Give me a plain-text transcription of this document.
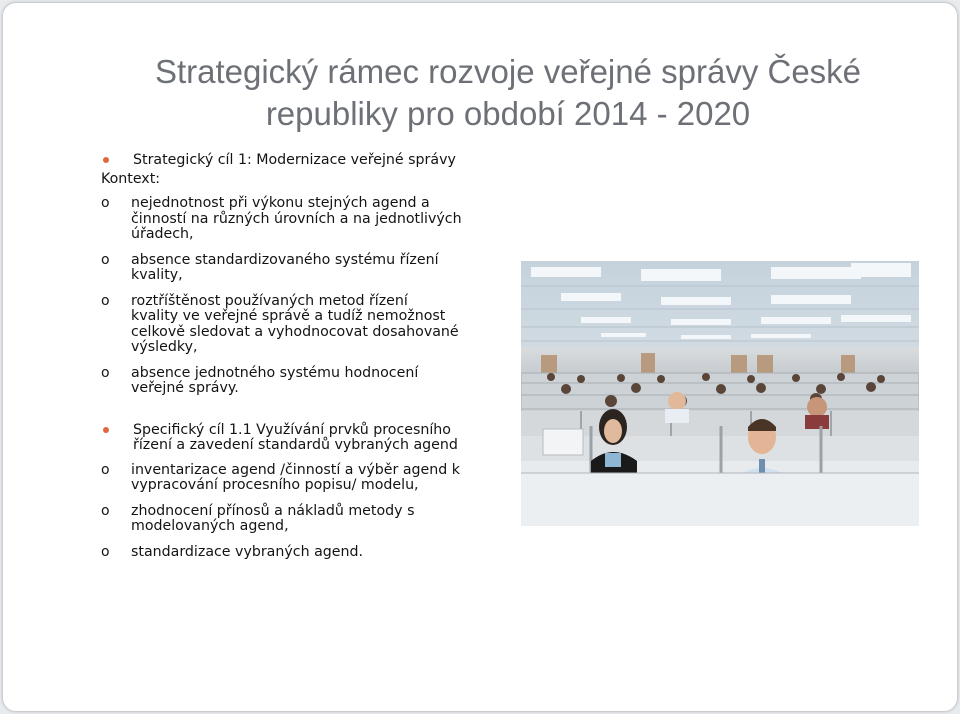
Strategický rámec rozvoje veřejné správy České
republiky pro období 2014 - 2020
Strategický cíl 1: Modernizace veřejné správy
Kontext:
o nejednotnost při výkonu stejných agend a
činností na různých úrovních a na jednotlivých
úřadech,
o absence standardizovaného systému řízení
kvality,
o roztříštěnost používaných metod řízení
kvality ve veřejné správě a tudíž nemožnost
celkově sledovat a vyhodnocovat dosahované
výsledky,
o absence jednotného systému hodnocení
veřejné správy.
Specifický cíl 1.1 Využívání prvků procesního
řízení a zavedení standardů vybraných agend
o inventarizace agend /činností a výběr agend k
vypracování procesního popisu/ modelu,
o zhodnocení přínosů a nákladů metody s
modelovaných agend,
o standardizace vybraných agend.
